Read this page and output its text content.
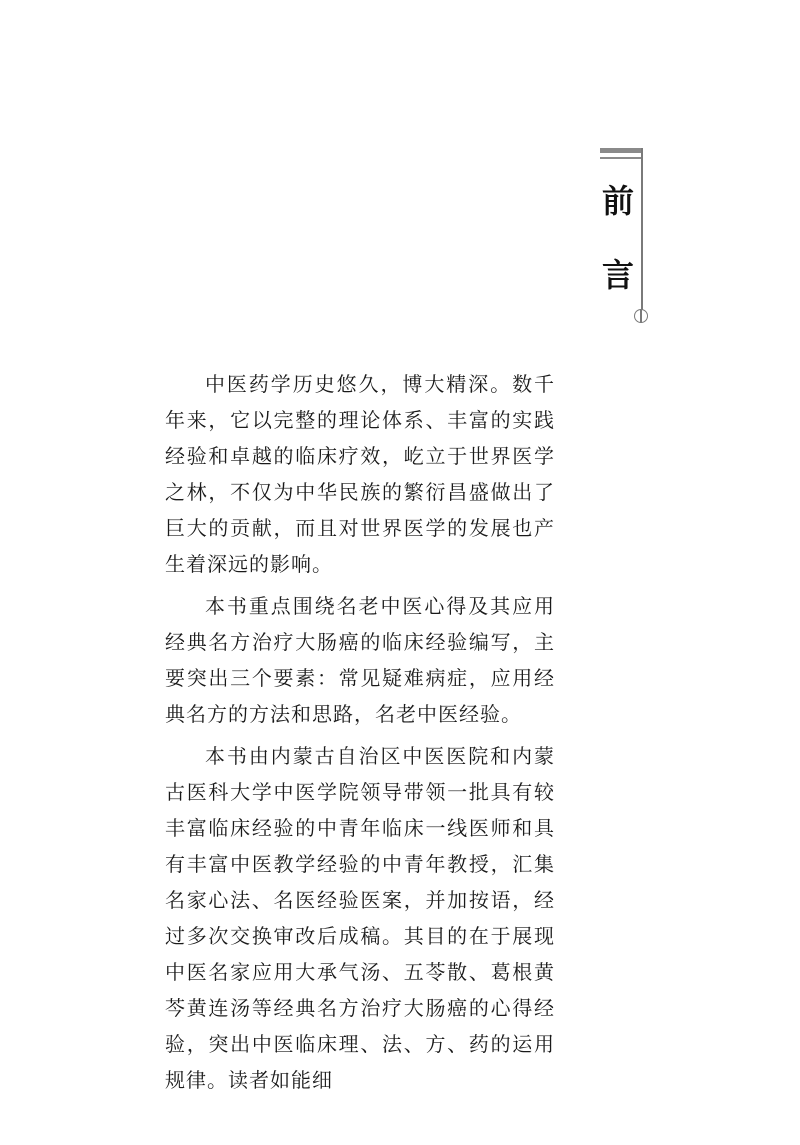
前
言

中医药学历史悠久，博大精深。数千年来，它以完整的理论体系、丰富的实践经验和卓越的临床疗效，屹立于世界医学之林，不仅为中华民族的繁衍昌盛做出了巨大的贡献，而且对世界医学的发展也产生着深远的影响。

本书重点围绕名老中医心得及其应用经典名方治疗大肠癌的临床经验编写，主要突出三个要素：常见疑难病症，应用经典名方的方法和思路，名老中医经验。

本书由内蒙古自治区中医医院和内蒙古医科大学中医学院领导带领一批具有较丰富临床经验的中青年临床一线医师和具有丰富中医教学经验的中青年教授，汇集名家心法、名医经验医案，并加按语，经过多次交换审改后成稿。其目的在于展现中医名家应用大承气汤、五苓散、葛根黄芩黄连汤等经典名方治疗大肠癌的心得经验，突出中医临床理、法、方、药的运用规律。读者如能细
